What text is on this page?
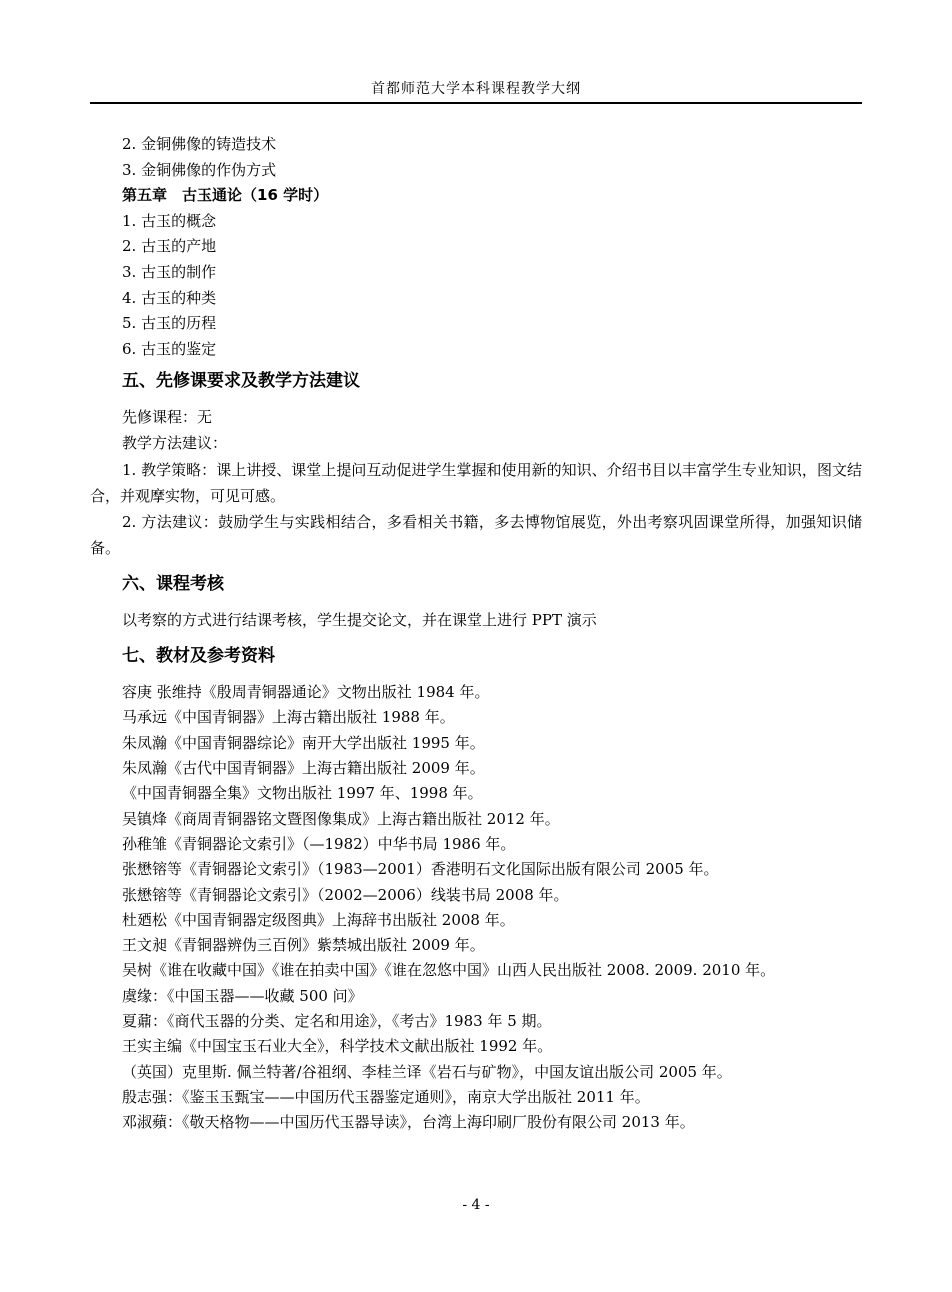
首都师范大学本科课程教学大纲
2. 金铜佛像的铸造技术
3. 金铜佛像的作伪方式
第五章　古玉通论（16 学时）
1. 古玉的概念
2. 古玉的产地
3. 古玉的制作
4. 古玉的种类
5. 古玉的历程
6. 古玉的鉴定
五、先修课要求及教学方法建议
先修课程：无
教学方法建议：
1. 教学策略：课上讲授、课堂上提问互动促进学生掌握和使用新的知识、介绍书目以丰富学生专业知识，图文结合，并观摩实物，可见可感。
2. 方法建议：鼓励学生与实践相结合，多看相关书籍，多去博物馆展览，外出考察巩固课堂所得，加强知识储备。
六、课程考核
以考察的方式进行结课考核，学生提交论文，并在课堂上进行 PPT 演示
七、教材及参考资料
容庚 张维持《殷周青铜器通论》文物出版社 1984 年。
马承远《中国青铜器》上海古籍出版社 1988 年。
朱凤瀚《中国青铜器综论》南开大学出版社 1995 年。
朱凤瀚《古代中国青铜器》上海古籍出版社 2009 年。
《中国青铜器全集》文物出版社 1997 年、1998 年。
吴镇烽《商周青铜器铭文暨图像集成》上海古籍出版社 2012 年。
孙稚雏《青铜器论文索引》（—1982）中华书局 1986 年。
张懋镕等《青铜器论文索引》（1983—2001）香港明石文化国际出版有限公司 2005 年。
张懋镕等《青铜器论文索引》（2002—2006）线装书局 2008 年。
杜廼松《中国青铜器定级图典》上海辞书出版社 2008 年。
王文昶《青铜器辨伪三百例》紫禁城出版社 2009 年。
吴树《谁在收藏中国》《谁在拍卖中国》《谁在忽悠中国》山西人民出版社 2008. 2009. 2010 年。
虞缘：《中国玉器——收藏 500 问》
夏鼐：《商代玉器的分类、定名和用途》，《考古》1983 年 5 期。
王实主编《中国宝玉石业大全》，科学技术文献出版社 1992 年。
（英国）克里斯. 佩兰特著/谷祖纲、李桂兰译《岩石与矿物》，中国友谊出版公司 2005 年。
殷志强：《鉴玉玉甄宝——中国历代玉器鉴定通则》，南京大学出版社 2011 年。
邓淑蘋：《敬天格物——中国历代玉器导读》，台湾上海印刷厂股份有限公司 2013 年。
- 4 -
